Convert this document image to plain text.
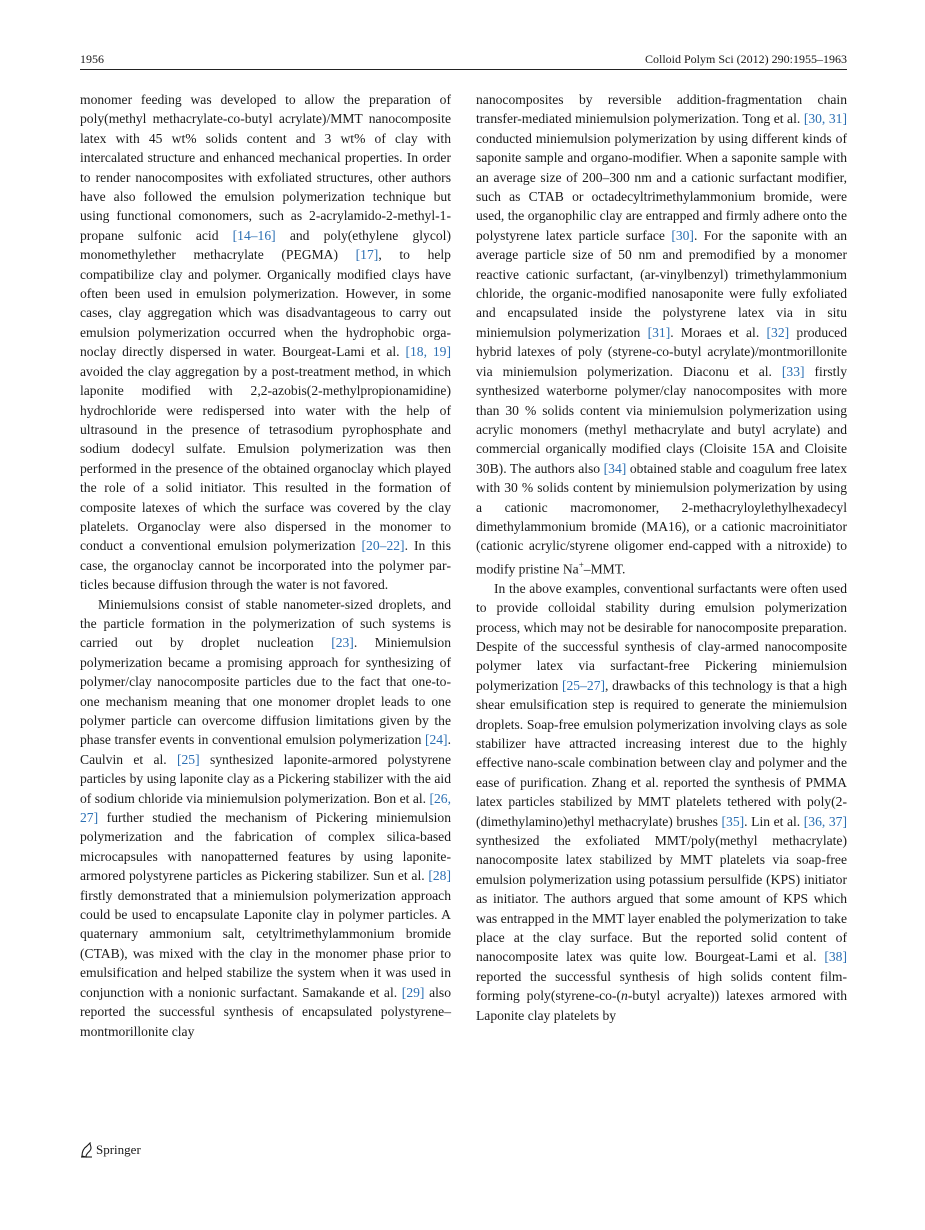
1956	Colloid Polym Sci (2012) 290:1955–1963

monomer feeding was developed to allow the preparation of poly(methyl methacrylate-co-butyl acrylate)/MMT nanocomposite latex with 45 wt% solids content and 3 wt% of clay with intercalated structure and enhanced mechanical properties. In order to render nanocomposites with exfoliated structures, other authors have also followed the emulsion polymerization technique but using functional comonomers, such as 2-acrylamido-2-methyl-1-propane sulfonic acid [14–16] and poly(ethylene glycol) monomethylether methacrylate (PEGMA) [17], to help compatibilize clay and polymer. Organically modified clays have often been used in emulsion polymerization. However, in some cases, clay aggregation which was disadvantageous to carry out emulsion polymerization occurred when the hydrophobic organoclay directly dispersed in water. Bourgeat-Lami et al. [18, 19] avoided the clay aggregation by a post-treatment method, in which laponite modified with 2,2-azobis(2-methylpropionamidine) hydrochloride were redispersed into water with the help of ultrasound in the presence of tetrasodium pyrophosphate and sodium dodecyl sulfate. Emulsion polymerization was then performed in the presence of the obtained organoclay which played the role of a solid initiator. This resulted in the formation of composite latexes of which the surface was covered by the clay platelets. Organoclay were also dispersed in the monomer to conduct a conventional emulsion polymerization [20–22]. In this case, the organoclay cannot be incorporated into the polymer particles because diffusion through the water is not favored.

Miniemulsions consist of stable nanometer-sized droplets, and the particle formation in the polymerization of such systems is carried out by droplet nucleation [23]. Miniemulsion polymerization became a promising approach for synthesizing of polymer/clay nanocomposite particles due to the fact that one-to-one mechanism meaning that one monomer droplet leads to one polymer particle can overcome diffusion limitations given by the phase transfer events in conventional emulsion polymerization [24]. Caulvin et al. [25] synthesized laponite-armored polystyrene particles by using laponite clay as a Pickering stabilizer with the aid of sodium chloride via miniemulsion polymerization. Bon et al. [26, 27] further studied the mechanism of Pickering miniemulsion polymerization and the fabrication of complex silica-based microcapsules with nanopatterned features by using laponite-armored polystyrene particles as Pickering stabilizer. Sun et al. [28] firstly demonstrated that a miniemulsion polymerization approach could be used to encapsulate Laponite clay in polymer particles. A quaternary ammonium salt, cetyltrimethylammonium bromide (CTAB), was mixed with the clay in the monomer phase prior to emulsification and helped stabilize the system when it was used in conjunction with a nonionic surfactant. Samakande et al. [29] also reported the successful synthesis of encapsulated polystyrene–montmorillonite clay

nanocomposites by reversible addition-fragmentation chain transfer-mediated miniemulsion polymerization. Tong et al. [30, 31] conducted miniemulsion polymerization by using different kinds of saponite sample and organo-modifier. When a saponite sample with an average size of 200–300 nm and a cationic surfactant modifier, such as CTAB or octadecyltrimethylammonium bromide, were used, the organophilic clay are entrapped and firmly adhere onto the polystyrene latex particle surface [30]. For the saponite with an average particle size of 50 nm and premodified by a monomer reactive cationic surfactant, (ar-vinylbenzyl) trimethylammonium chloride, the organic-modified nanosaponite were fully exfoliated and encapsulated inside the polystyrene latex via in situ miniemulsion polymerization [31]. Moraes et al. [32] produced hybrid latexes of poly (styrene-co-butyl acrylate)/montmorillonite via miniemulsion polymerization. Diaconu et al. [33] firstly synthesized waterborne polymer/clay nanocomposites with more than 30 % solids content via miniemulsion polymerization using acrylic monomers (methyl methacrylate and butyl acrylate) and commercial organically modified clays (Cloisite 15A and Cloisite 30B). The authors also [34] obtained stable and coagulum free latex with 30 % solids content by miniemulsion polymerization by using a cationic macromonomer, 2-methacryloylethylhexadecyl dimethylammonium bromide (MA16), or a cationic macroinitiator (cationic acrylic/styrene oligomer end-capped with a nitroxide) to modify pristine Na+–MMT.

In the above examples, conventional surfactants were often used to provide colloidal stability during emulsion polymerization process, which may not be desirable for nanocomposite preparation. Despite of the successful synthesis of clay-armed nanocomposite polymer latex via surfactant-free Pickering miniemulsion polymerization [25–27], drawbacks of this technology is that a high shear emulsification step is required to generate the miniemulsion droplets. Soap-free emulsion polymerization involving clays as sole stabilizer have attracted increasing interest due to the highly effective nano-scale combination between clay and polymer and the ease of purification. Zhang et al. reported the synthesis of PMMA latex particles stabilized by MMT platelets tethered with poly(2-(dimethylamino)ethyl methacrylate) brushes [35]. Lin et al. [36, 37] synthesized the exfoliated MMT/poly(methyl methacrylate) nanocomposite latex stabilized by MMT platelets via soap-free emulsion polymerization using potassium persulfide (KPS) initiator as initiator. The authors argued that some amount of KPS which was entrapped in the MMT layer enabled the polymerization to take place at the clay surface. But the reported solid content of nanocomposite latex was quite low. Bourgeat-Lami et al. [38] reported the successful synthesis of high solids content film-forming poly(styrene-co-(n-butyl acryalte)) latexes armored with Laponite clay platelets by

Springer
